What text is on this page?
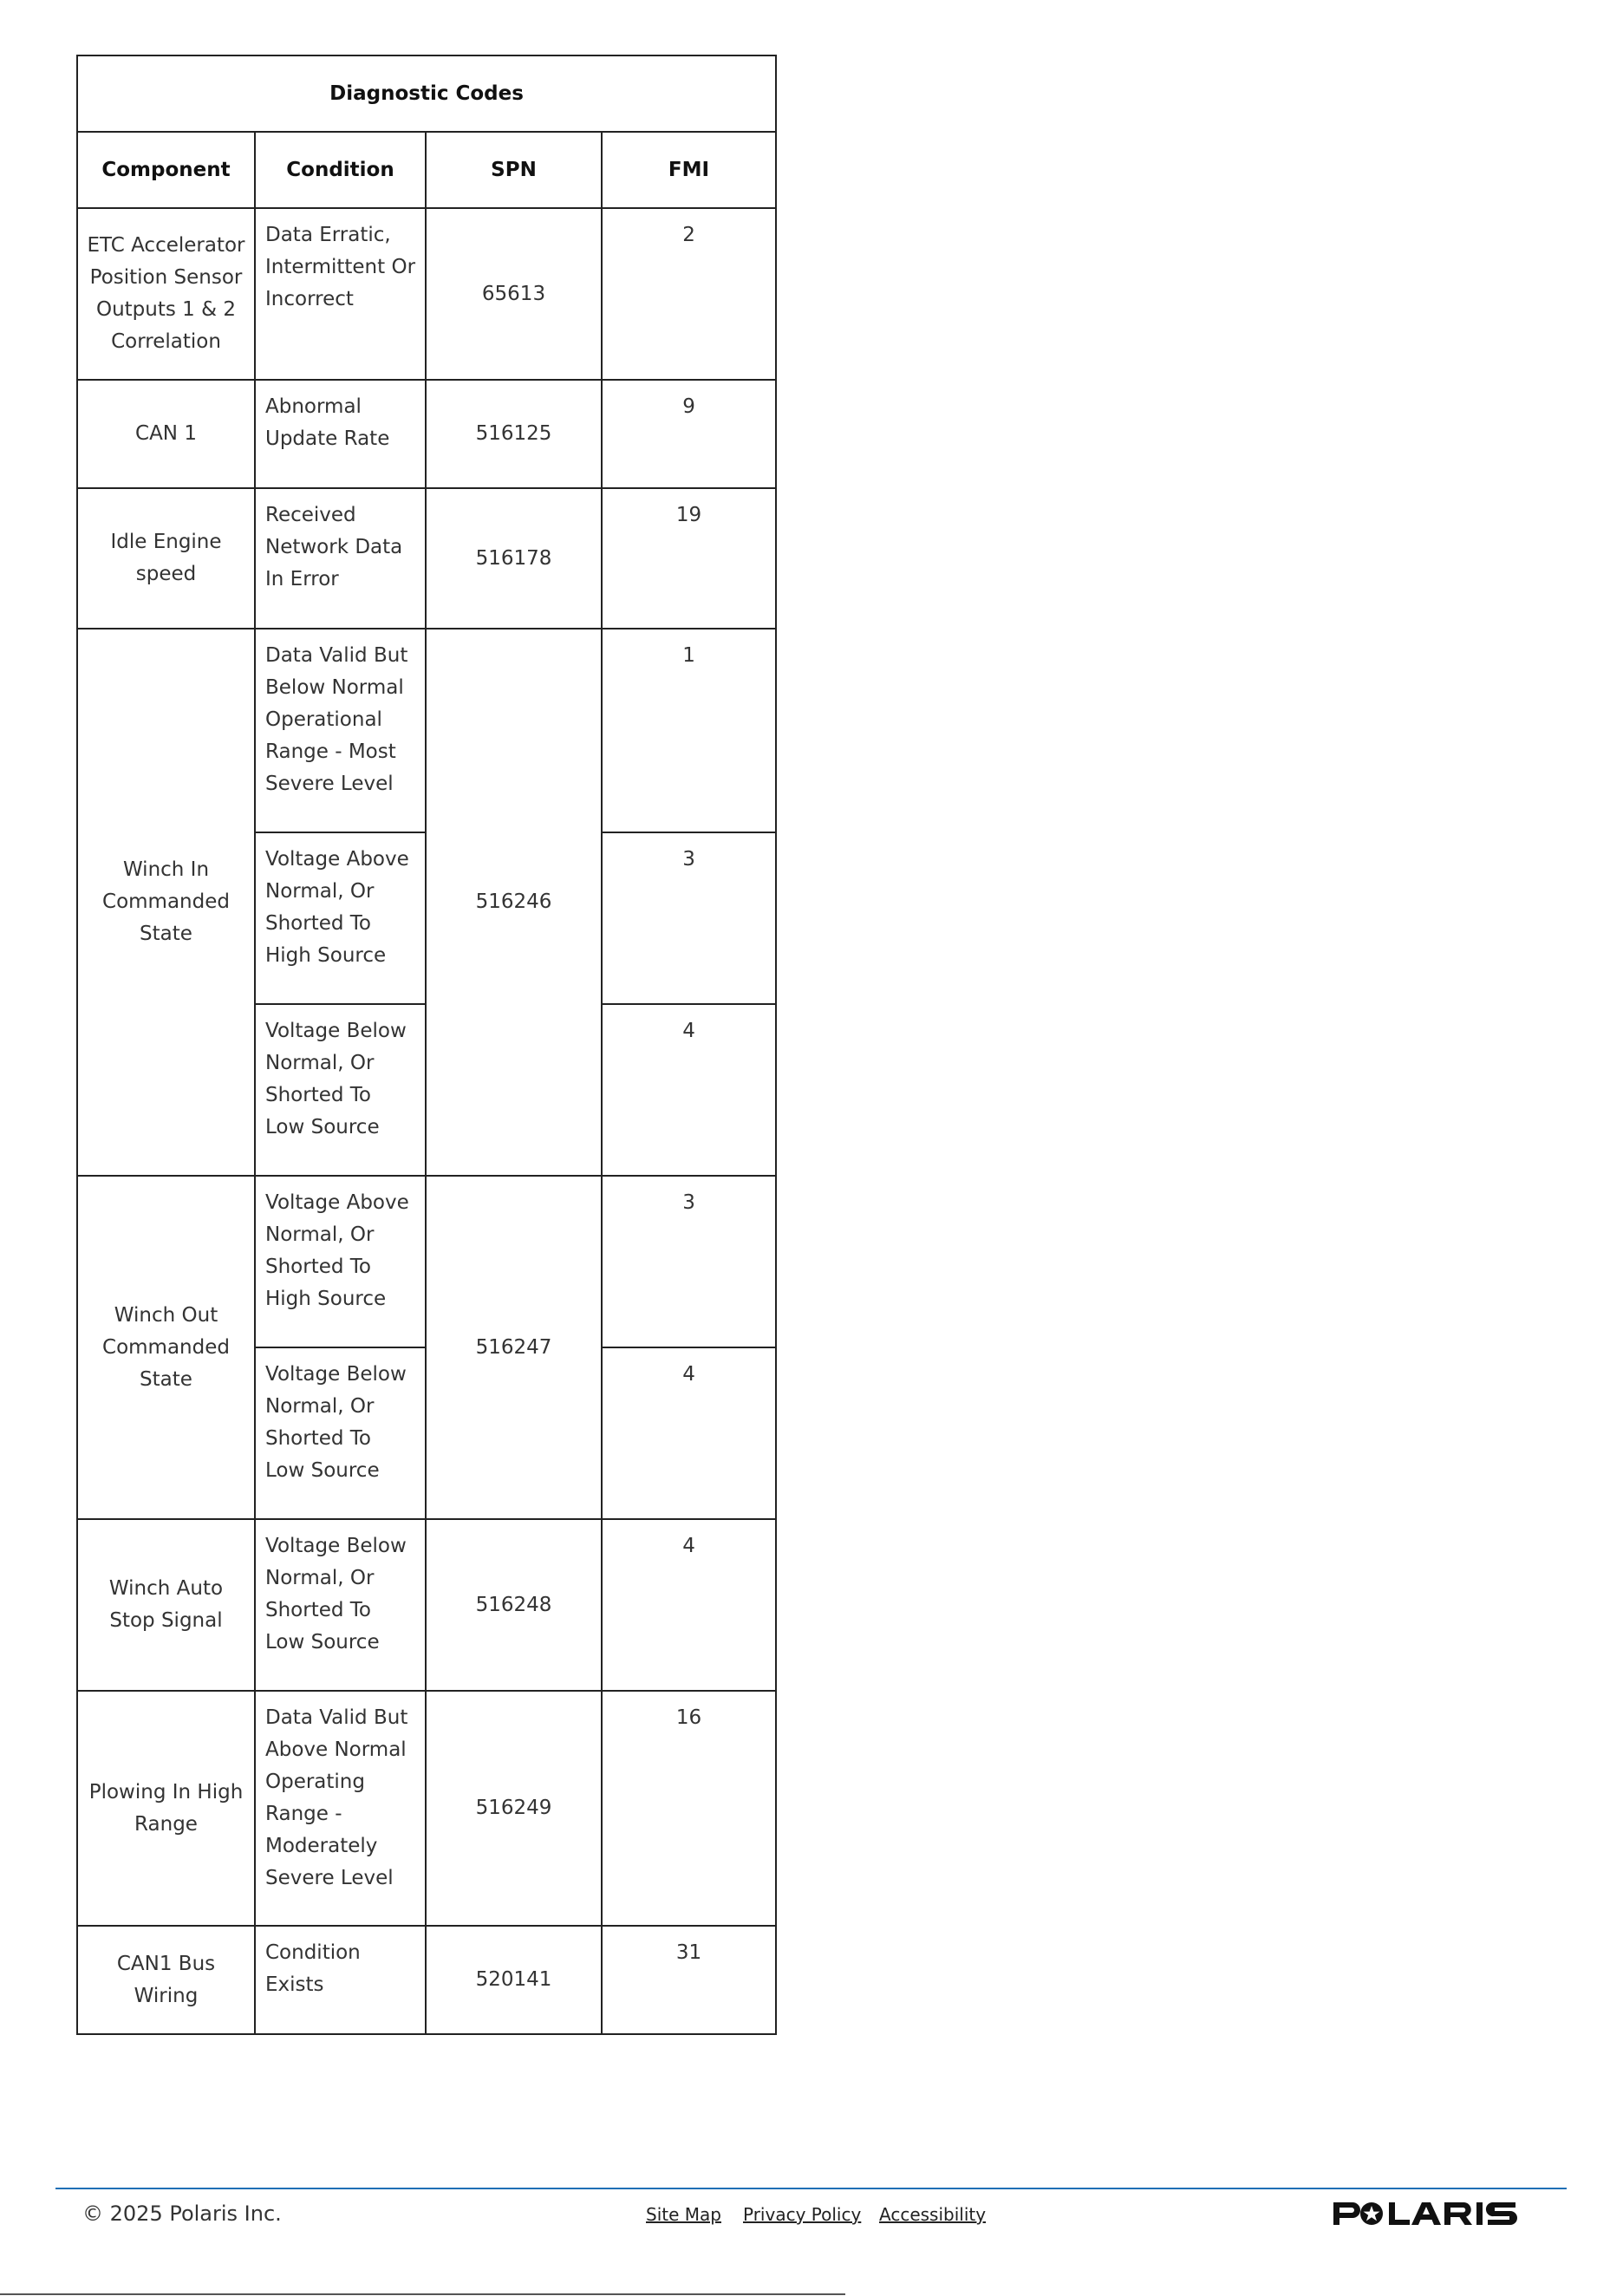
Diagnostic Codes			
Component	Condition	SPN	FMI
ETC Accelerator Position Sensor Outputs 1 & 2 Correlation	Data Erratic, Intermittent Or Incorrect	65613	2
CAN 1	Abnormal Update Rate	516125	9
Idle Engine speed	Received Network Data In Error	516178	19
Winch In Commanded State	Data Valid But Below Normal Operational Range - Most Severe Level	516246	1
	Voltage Above Normal, Or Shorted To High Source		3
	Voltage Below Normal, Or Shorted To Low Source		4
Winch Out Commanded State	Voltage Above Normal, Or Shorted To High Source	516247	3
	Voltage Below Normal, Or Shorted To Low Source		4
Winch Auto Stop Signal	Voltage Below Normal, Or Shorted To Low Source	516248	4
Plowing In High Range	Data Valid But Above Normal Operating Range - Moderately Severe Level	516249	16
CAN1 Bus Wiring	Condition Exists	520141	31
© 2025 Polaris Inc.	Site Map Privacy Policy Accessibility
